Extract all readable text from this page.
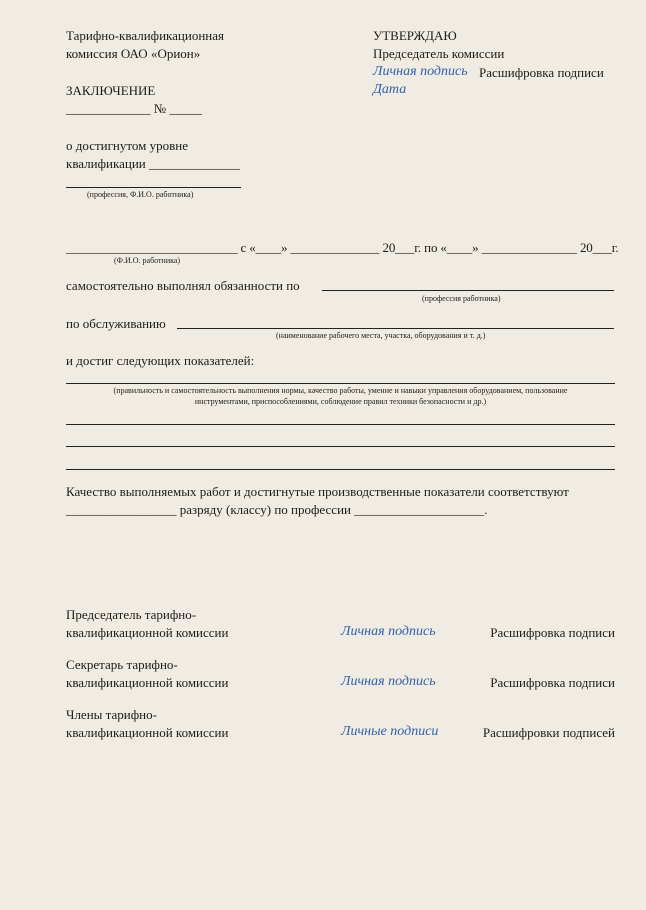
Тарифно-квалификационная
комиссия ОАО «Орион»
УТВЕРЖДАЮ
Председатель комиссии
Личная подпись Расшифровка подписи
Дата
ЗАКЛЮЧЕНИЕ
_____________ № _____
о достигнутом уровне
квалификации ______________
(профессия, Ф.И.О. работника)
___________________________ с «____» ______________ 20___г. по «____» _______________ 20___г.
(Ф.И.О. работника)
самостоятельно выполнял обязанности по
(профессия работника)
по обслуживанию
(наименование рабочего места, участка, оборудования и т. д.)
и достиг следующих показателей:
(правильность и самостоятельность выполнения нормы, качество работы, умение и навыки управления оборудованием, пользование
инструментами, приспособлениями, соблюдение правил техники безопасности и др.)
Качество выполняемых работ и достигнутые производственные показатели соответствуют
_________________ разряду (классу) по профессии ____________________.
Председатель тарифно-
квалификационной комиссии	Личная подпись	Расшифровка подписи
Секретарь тарифно-
квалификационной комиссии	Личная подпись	Расшифровка подписи
Члены тарифно-
квалификационной комиссии	Личные подписи	Расшифровки подписей
